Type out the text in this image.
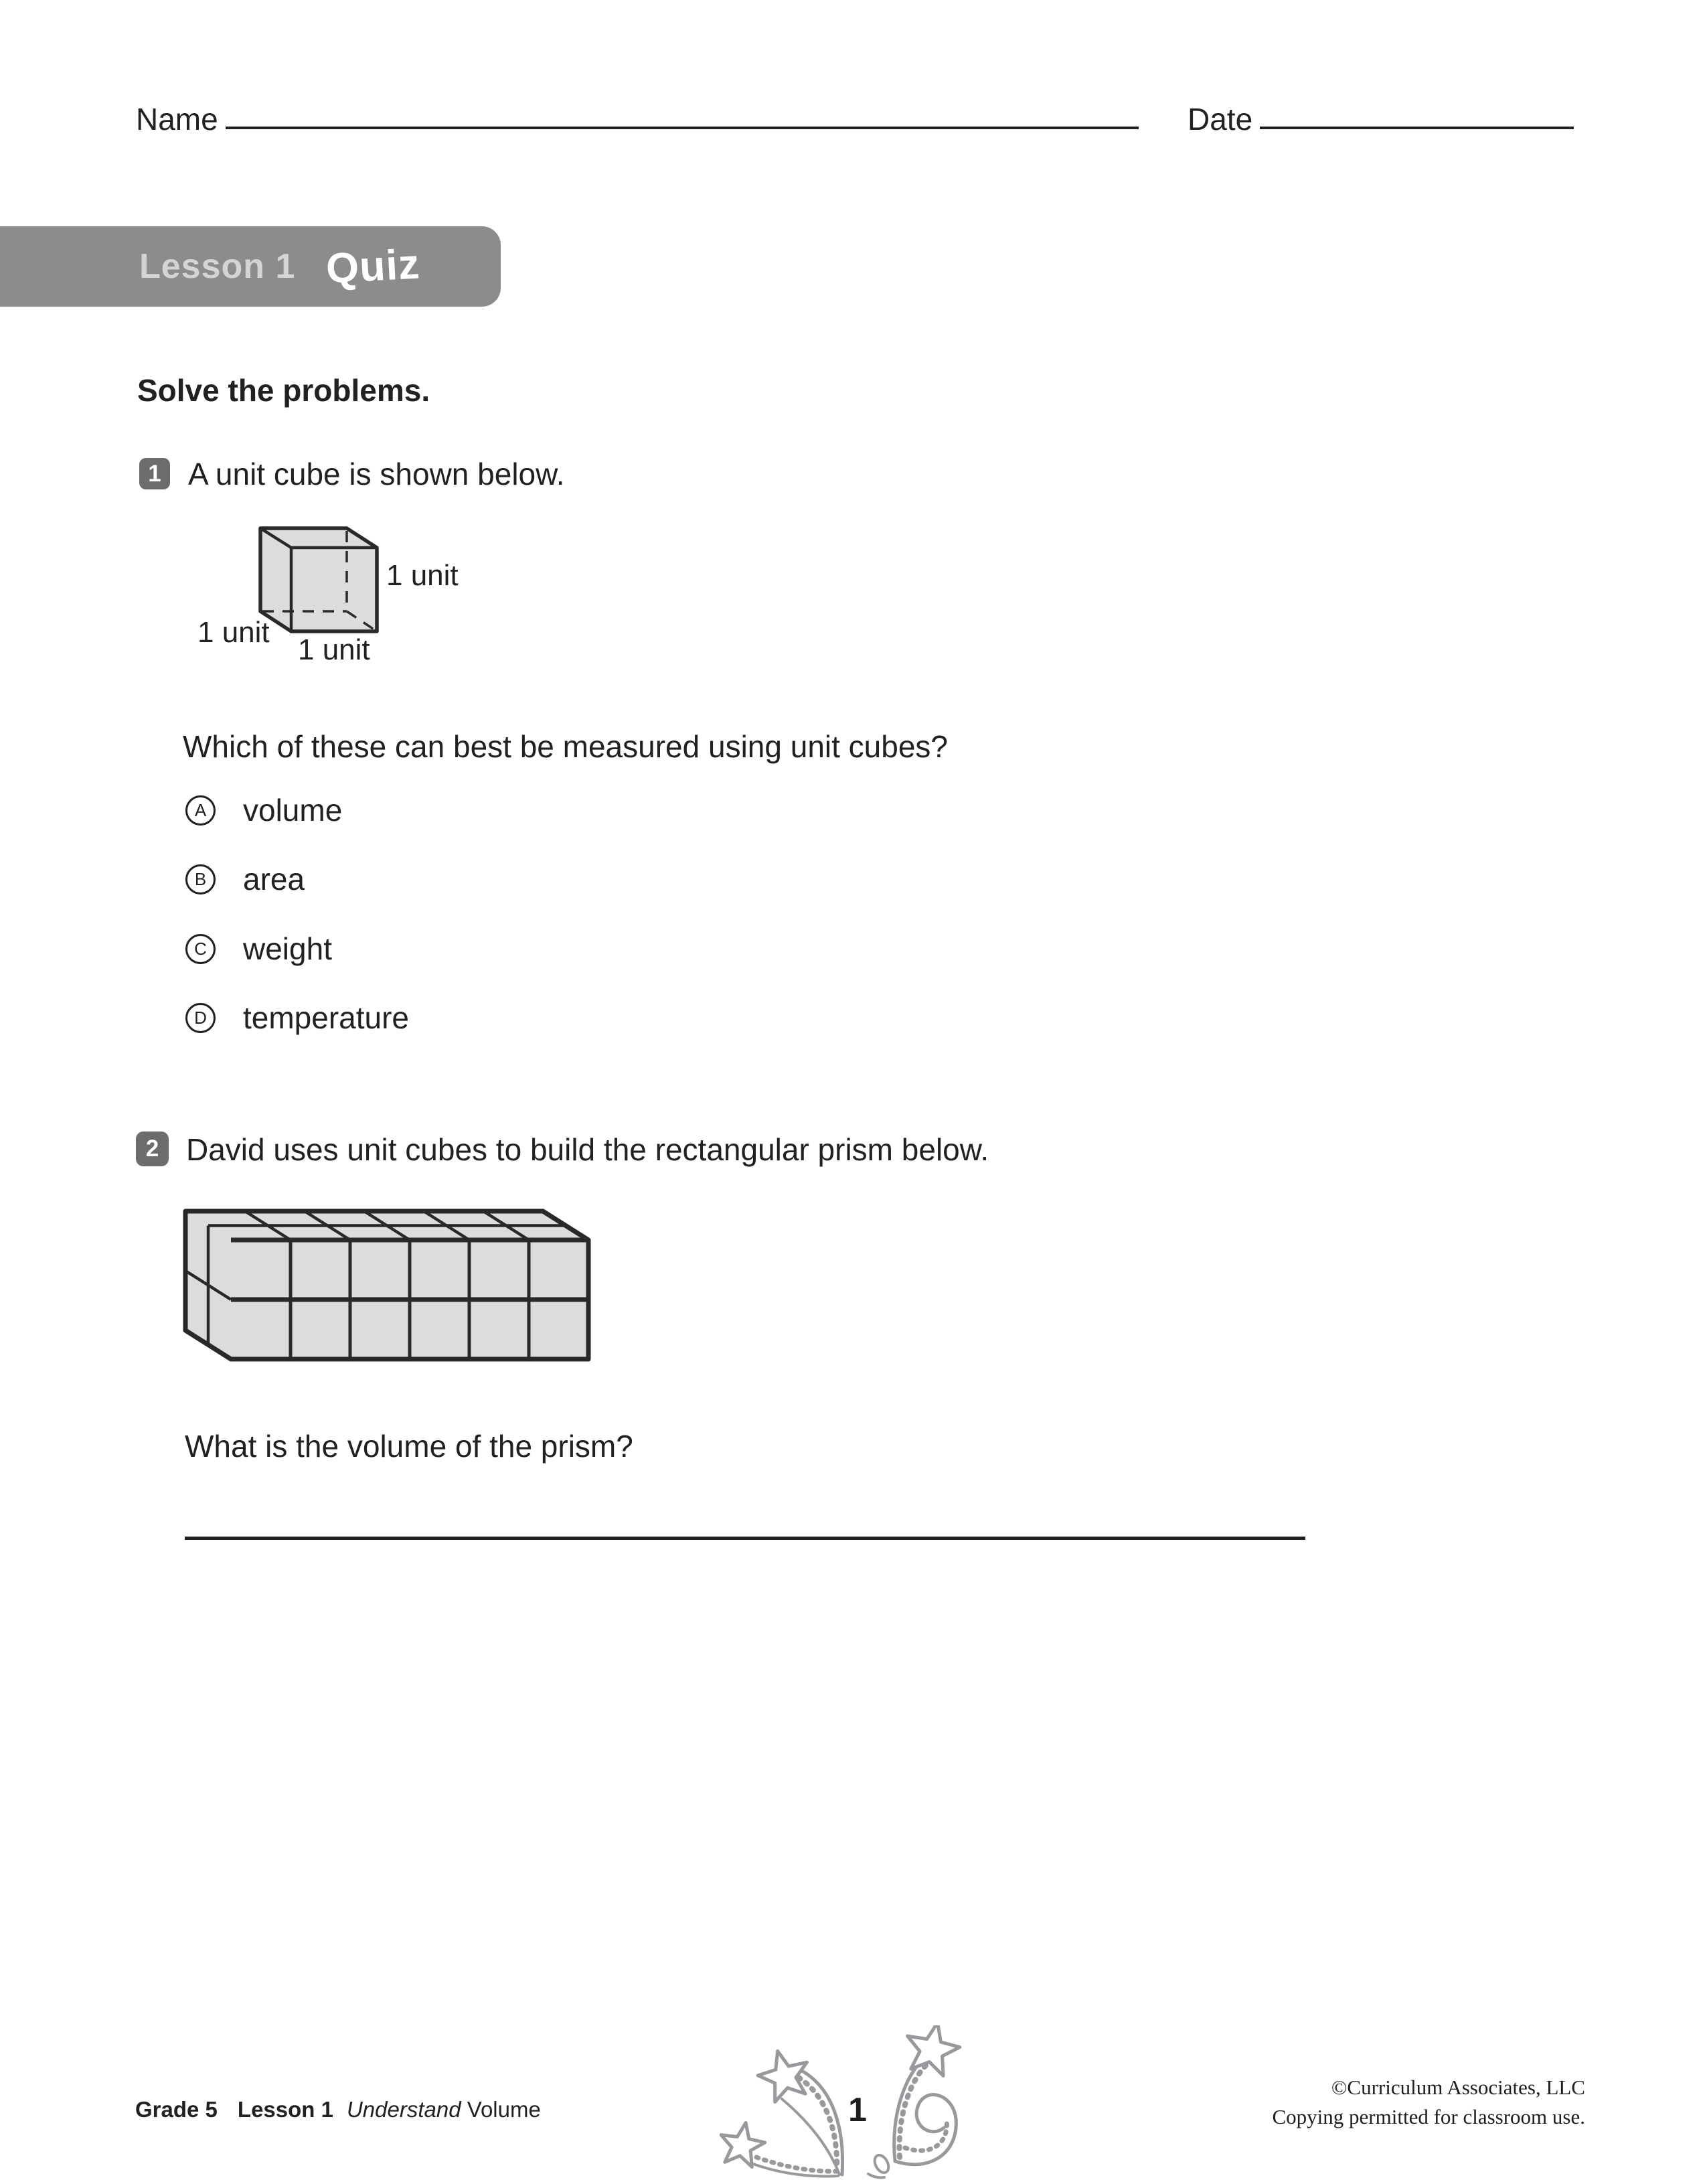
Name	Date
Lesson 1 Quiz
Solve the problems.
1 A unit cube is shown below.
1 unit
1 unit
1 unit
Which of these can best be measured using unit cubes?
A	volume
B	area
C weight
D temperature
2 David uses unit cubes to build the rectangular prism below.
What is the volume of the prism?
Grade 5 Lesson 1 Understand Volume	1
©Curriculum Associates, LLC
Copying permitted for classroom use.
